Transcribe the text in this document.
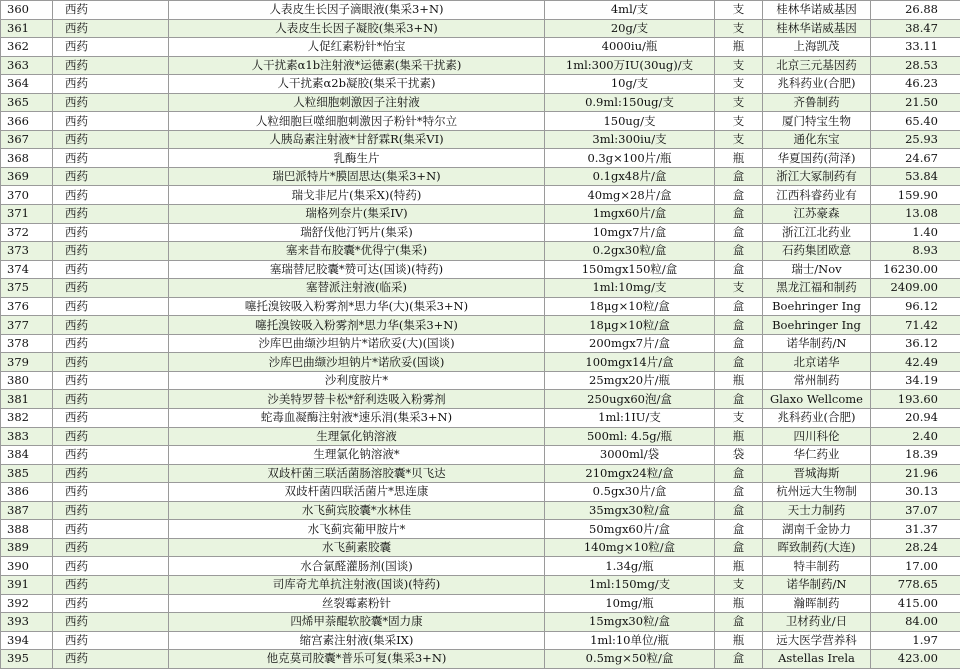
360	西药	人表皮生长因子滴眼液(集采3+N)	4ml/支	支	桂林华诺威基因	26.88
361	西药	人表皮生长因子凝胶(集采3+N)	20g/支	支	桂林华诺威基因	38.47
362	西药	人促红素粉针*怡宝	4000iu/瓶	瓶	上海凯茂	33.11
363	西药	人干扰素α1b注射液*运德素(集采干扰素)	1ml:300万IU(30ug)/支	支	北京三元基因药	28.53
364	西药	人干扰素α2b凝胶(集采干扰素)	10g/支	支	兆科药业(合肥)	46.23
365	西药	人粒细胞刺激因子注射液	0.9ml:150ug/支	支	齐鲁制药	21.50
366	西药	人粒细胞巨噬细胞刺激因子粉针*特尔立	150ug/支	支	厦门特宝生物	65.40
367	西药	人胰岛素注射液*甘舒霖R(集采VI)	3ml:300iu/支	支	通化东宝	25.93
368	西药	乳酶生片	0.3g×100片/瓶	瓶	华夏国药(菏泽)	24.67
369	西药	瑞巴派特片*膜固思达(集采3+N)	0.1gx48片/盒	盒	浙江大冢制药有	53.84
370	西药	瑞戈非尼片(集采X)(特药)	40mg×28片/盒	盒	江西科睿药业有	159.90
371	西药	瑞格列奈片(集采IV)	1mgx60片/盒	盒	江苏豪森	13.08
372	西药	瑞舒伐他汀钙片(集采)	10mgx7片/盒	盒	浙江江北药业	1.40
373	西药	塞来昔布胶囊*优得宁(集采)	0.2gx30粒/盒	盒	石药集团欧意	8.93
374	西药	塞瑞替尼胶囊*赞可达(国谈)(特药)	150mgx150粒/盒	盒	瑞士/Nov	16230.00
375	西药	塞替派注射液(临采)	1ml:10mg/支	支	黑龙江福和制药	2409.00
376	西药	噻托溴铵吸入粉雾剂*思力华(大)(集采3+N)	18μg×10粒/盒	盒	Boehringer Ing	96.12
377	西药	噻托溴铵吸入粉雾剂*思力华(集采3+N)	18μg×10粒/盒	盒	Boehringer Ing	71.42
378	西药	沙库巴曲缬沙坦钠片*诺欣妥(大)(国谈)	200mgx7片/盒	盒	诺华制药/N	36.12
379	西药	沙库巴曲缬沙坦钠片*诺欣妥(国谈)	100mgx14片/盒	盒	北京诺华	42.49
380	西药	沙利度胺片*	25mgx20片/瓶	瓶	常州制药	34.19
381	西药	沙美特罗替卡松*舒利迭吸入粉雾剂	250ugx60泡/盒	盒	Glaxo Wellcome	193.60
382	西药	蛇毒血凝酶注射液*速乐涓(集采3+N)	1ml:1IU/支	支	兆科药业(合肥)	20.94
383	西药	生理氯化钠溶液	500ml: 4.5g/瓶	瓶	四川科伦	2.40
384	西药	生理氯化钠溶液*	3000ml/袋	袋	华仁药业	18.39
385	西药	双歧杆菌三联活菌肠溶胶囊*贝飞达	210mgx24粒/盒	盒	晋城海斯	21.96
386	西药	双歧杆菌四联活菌片*思连康	0.5gx30片/盒	盒	杭州远大生物制	30.13
387	西药	水飞蓟宾胶囊*水林佳	35mgx30粒/盒	盒	天士力制药	37.07
388	西药	水飞蓟宾葡甲胺片*	50mgx60片/盒	盒	湖南千金协力	31.37
389	西药	水飞蓟素胶囊	140mg×10粒/盒	盒	晖致制药(大连)	28.24
390	西药	水合氯醛灌肠剂(国谈)	1.34g/瓶	瓶	特丰制药	17.00
391	西药	司库奇尤单抗注射液(国谈)(特药)	1ml:150mg/支	支	诺华制药/N	778.65
392	西药	丝裂霉素粉针	10mg/瓶	瓶	瀚晖制药	415.00
393	西药	四烯甲萘醌软胶囊*固力康	15mgx30粒/盒	盒	卫材药业/日	84.00
394	西药	缩宫素注射液(集采IX)	1ml:10单位/瓶	瓶	远大医学营养科	1.97
395	西药	他克莫司胶囊*普乐可复(集采3+N)	0.5mg×50粒/盒	盒	Astellas Irela	423.00
